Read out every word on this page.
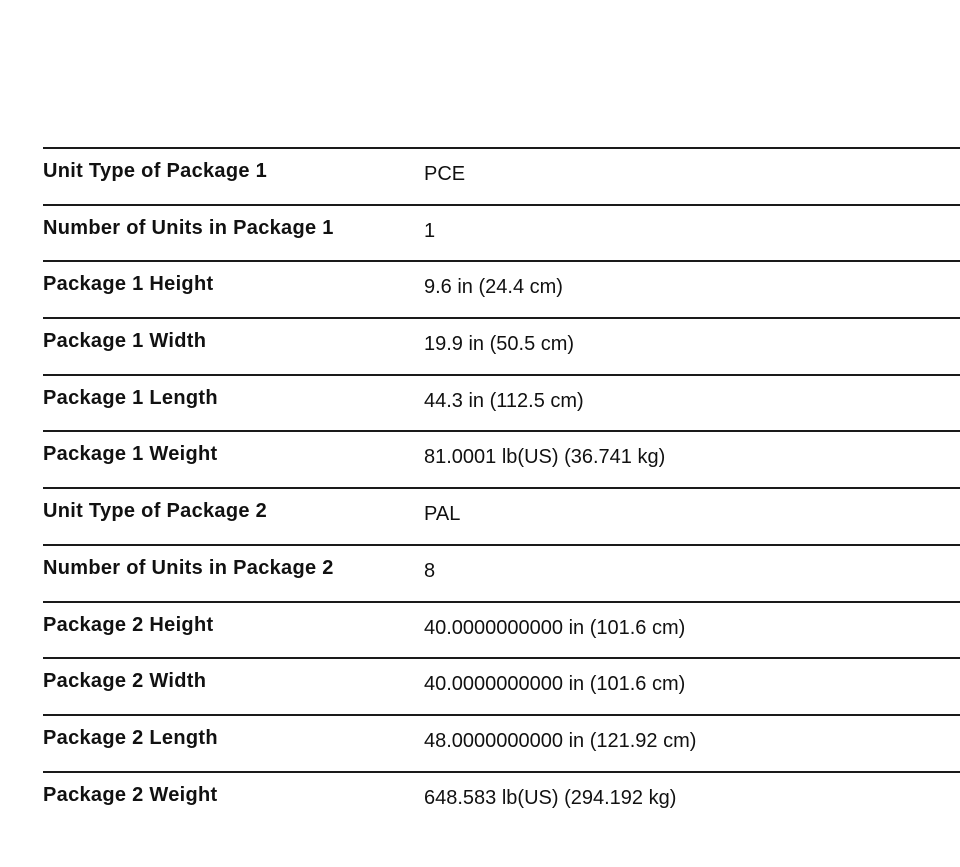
Unit Type of Package 1	PCE
Number of Units in Package 1	1
Package 1 Height	9.6 in (24.4 cm)
Package 1 Width	19.9 in (50.5 cm)
Package 1 Length	44.3 in (112.5 cm)
Package 1 Weight	81.0001 lb(US) (36.741 kg)
Unit Type of Package 2	PAL
Number of Units in Package 2	8
Package 2 Height	40.0000000000 in (101.6 cm)
Package 2 Width	40.0000000000 in (101.6 cm)
Package 2 Length	48.0000000000 in (121.92 cm)
Package 2 Weight	648.583 lb(US) (294.192 kg)
